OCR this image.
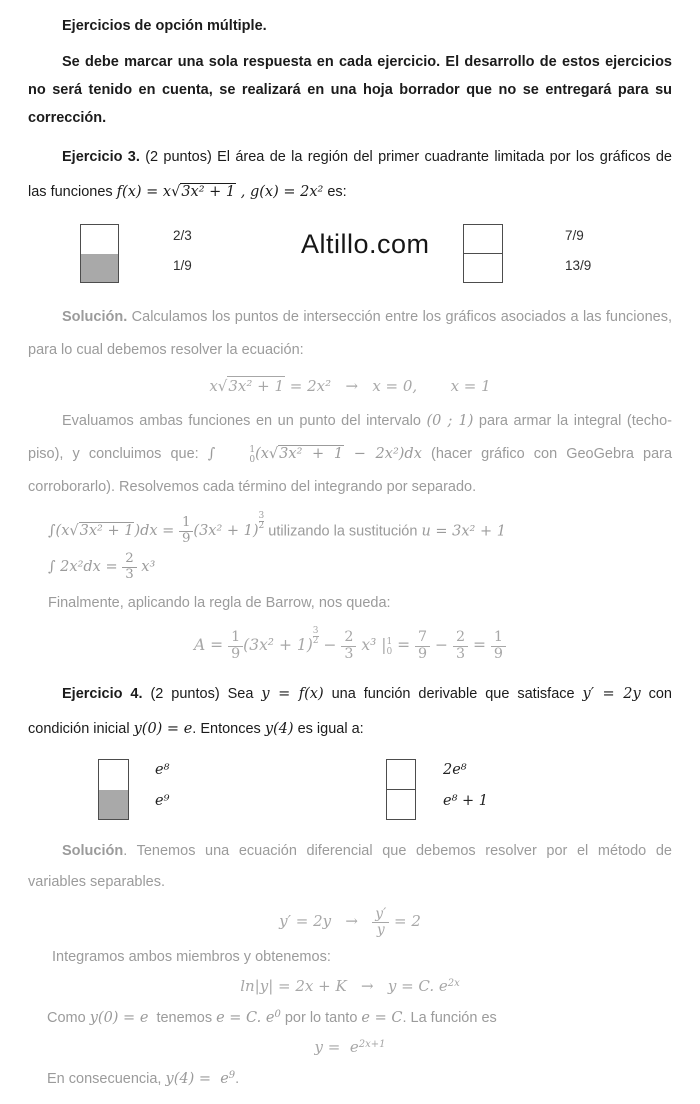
Ejercicios de opción múltiple.

Se debe marcar una sola respuesta en cada ejercicio. El desarrollo de estos ejercicios no será tenido en cuenta, se realizará en una hoja borrador que no se entregará para su corrección.

Ejercicio 3. (2 puntos) El área de la región del primer cuadrante limitada por los gráficos de las funciones f(x) = x√3x² + 1 , g(x) = 2x² es:

2/3
1/9
Altillo.com	7/9
13/9

Solución. Calculamos los puntos de intersección entre los gráficos asociados a las funciones, para lo cual debemos resolver la ecuación:

x√3x² + 1 = 2x²   →   x = 0,       x = 1

Evaluamos ambas funciones en un punto del intervalo (0 ; 1) para armar la integral (techo-piso), y concluimos que: ∫	1
0 (x√3x² + 1 − 2x²)dx (hacer gráfico con GeoGebra para corroborarlo). Resolvemos cada término del integrando por separado.

$\int(x√3x^2 + 1)dx = \frac{1}{9} (3x^2 + 1) \frac{3}{2}$ utilizando la sustitución u = 3x² + 1

∫ $2x^2dx = \frac{2}{3} x^3$

Finalmente, aplicando la regla de Barrow, nos queda:

$A = \frac{1}{9} (3x^2 + 1) \frac{3}{2} - \frac{2}{3} x^3$ | 1
$0 = \frac{7}{9} - \frac{2}{3} = \frac{1}{9}$

Ejercicio 4. (2 puntos) Sea y = f(x) una función derivable que satisface y′ = 2y con condición inicial y(0) = e. Entonces y(4) es igual a:

e⁸
e⁹
2e⁸
e⁸ + 1

Solución. Tenemos una ecuación diferencial que debemos resolver por el método de variables separables.

$y' = 2y \to \frac{y'}{y} = 2$

Integramos ambos miembros y obtenemos:

ln|y| = 2x + K   →   y = C. $e^{2x}$

Como y(0) = e  tenemos e = C. $e^0$ por lo tanto e = C. La función es

$y = e^{2x+1}$

En consecuencia, $y(4) = e^9$.
